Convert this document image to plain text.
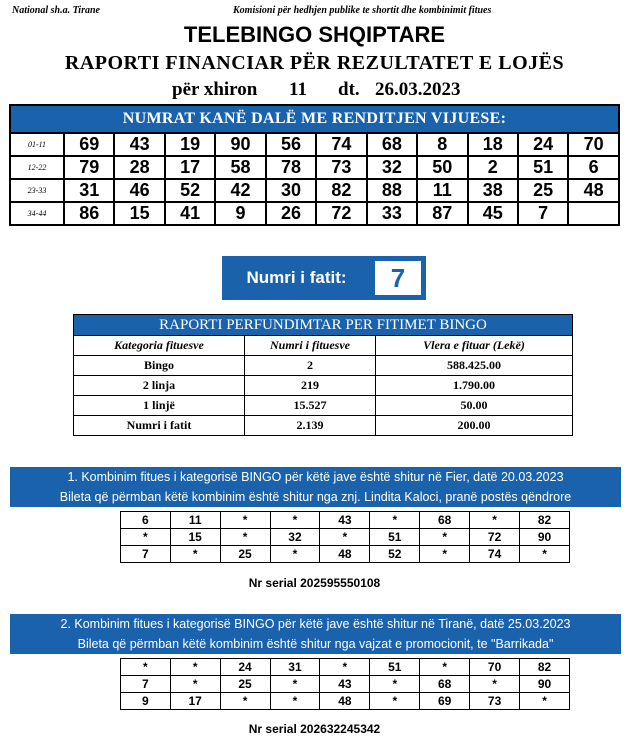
National sh.a. Tirane	Komisioni për hedhjen publike te shortit dhe kombinimit fitues
TELEBINGO SHQIPTARE
RAPORTI FINANCIAR PËR REZULTATET E LOJËS
për xhiron 11 dt. 26.03.2023
NUMRAT KANË DALË ME RENDITJEN VIJUESE:											
01-11	69	43	19	90	56	74	68	8	18	24	70
12-22	79	28	17	58	78	73	32	50	2	51	6
23-33	31	46	52	42	30	82	88	11	38	25	48
34-44	86	15	41	9	26	72	33	87	45	7	
Numri i fatit:	7
RAPORTI PERFUNDIMTAR PER FITIMET BINGO		
Kategoria fituesve	Numri i fituesve	Vlera e fituar (Lekë)
Bingo	2	588.425.00
2 linja	219	1.790.00
1 linjë	15.527	50.00
Numri i fatit	2.139	200.00
1. Kombinim fitues i kategorisë BINGO për këtë jave është shitur në Fier, datë 20.03.2023
Bileta që përmban këtë kombinim është shitur nga znj. Lindita Kaloci, pranë postës qëndrore
6	11	*	*	43	*	68	*	82
*	15	*	32	*	51	*	72	90
7	*	25	*	48	52	*	74	*
Nr serial 202595550108
2. Kombinim fitues i kategorisë BINGO për këtë jave është shitur në Tiranë, datë 25.03.2023
Bileta që përmban këtë kombinim është shitur nga vajzat e promocionit, te "Barrikada"
*	*	24	31	*	51	*	70	82
7	*	25	*	43	*	68	*	90
9	17	*	*	48	*	69	73	*
Nr serial 202632245342
